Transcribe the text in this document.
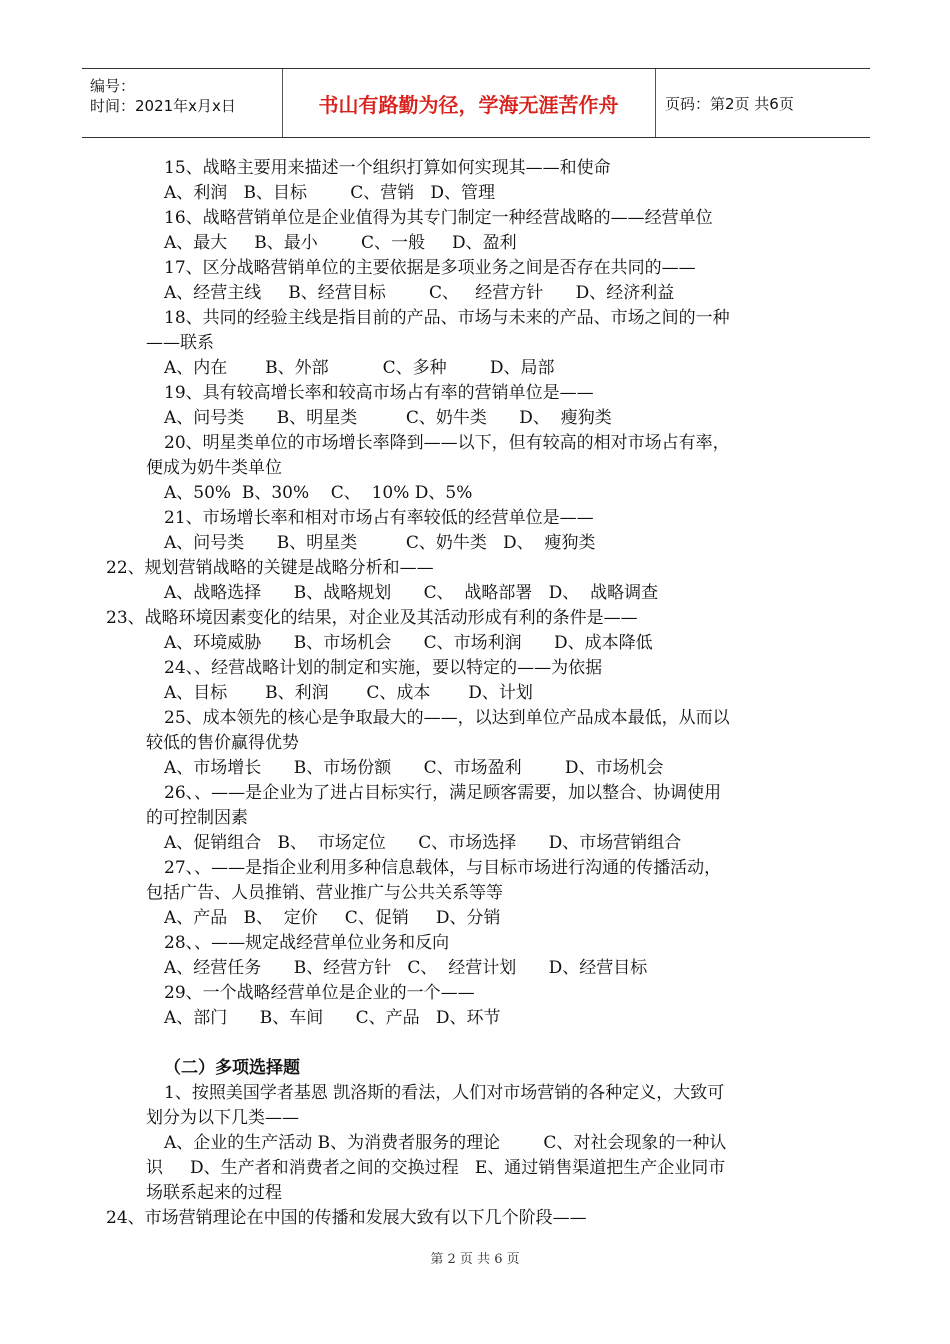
编号：
时间：2021年x月x日	书山有路勤为径，学海无涯苦作舟	页码：第2页 共6页
15、战略主要用来描述一个组织打算如何实现其——和使命
A、利润   B、目标        C、营销   D、管理
16、战略营销单位是企业值得为其专门制定一种经营战略的——经营单位
A、最大     B、最小        C、一般     D、盈利
17、区分战略营销单位的主要依据是多项业务之间是否存在共同的——
A、经营主线     B、经营目标        C、   经营方针      D、经济利益
18、共同的经验主线是指目前的产品、市场与未来的产品、市场之间的一种
——联系
A、内在       B、外部          C、多种        D、局部
19、具有较高增长率和较高市场占有率的营销单位是——
A、问号类      B、明星类         C、奶牛类      D、  瘦狗类
20、明星类单位的市场增长率降到——以下，但有较高的相对市场占有率，
便成为奶牛类单位
A、50%  B、30%    C、  10% D、5%
21、市场增长率和相对市场占有率较低的经营单位是——
A、问号类      B、明星类         C、奶牛类   D、  瘦狗类
22、规划营销战略的关键是战略分析和——
A、战略选择      B、战略规划      C、  战略部署   D、  战略调查
23、战略环境因素变化的结果，对企业及其活动形成有利的条件是——
A、环境威胁      B、市场机会      C、市场利润      D、成本降低
24、、经营战略计划的制定和实施，要以特定的——为依据
A、目标       B、利润       C、成本       D、计划
25、成本领先的核心是争取最大的——，以达到单位产品成本最低，从而以
较低的售价赢得优势
A、市场增长      B、市场份额      C、市场盈利        D、市场机会
26、、——是企业为了进占目标实行，满足顾客需要，加以整合、协调使用
的可控制因素
A、促销组合   B、  市场定位      C、市场选择      D、市场营销组合
27、、——是指企业利用多种信息载体，与目标市场进行沟通的传播活动，
包括广告、人员推销、营业推广与公共关系等等
A、产品   B、  定价     C、促销     D、分销
28、、——规定战经营单位业务和反向
A、经营任务      B、经营方针   C、  经营计划      D、经营目标
29、一个战略经营单位是企业的一个——
A、部门      B、车间      C、产品   D、环节
（二）多项选择题
1、按照美国学者基恩 凯洛斯的看法，人们对市场营销的各种定义，大致可
划分为以下几类——
A、企业的生产活动 B、为消费者服务的理论        C、对社会现象的一种认
识     D、生产者和消费者之间的交换过程   E、通过销售渠道把生产企业同市
场联系起来的过程
24、市场营销理论在中国的传播和发展大致有以下几个阶段——
第 2 页 共 6 页
